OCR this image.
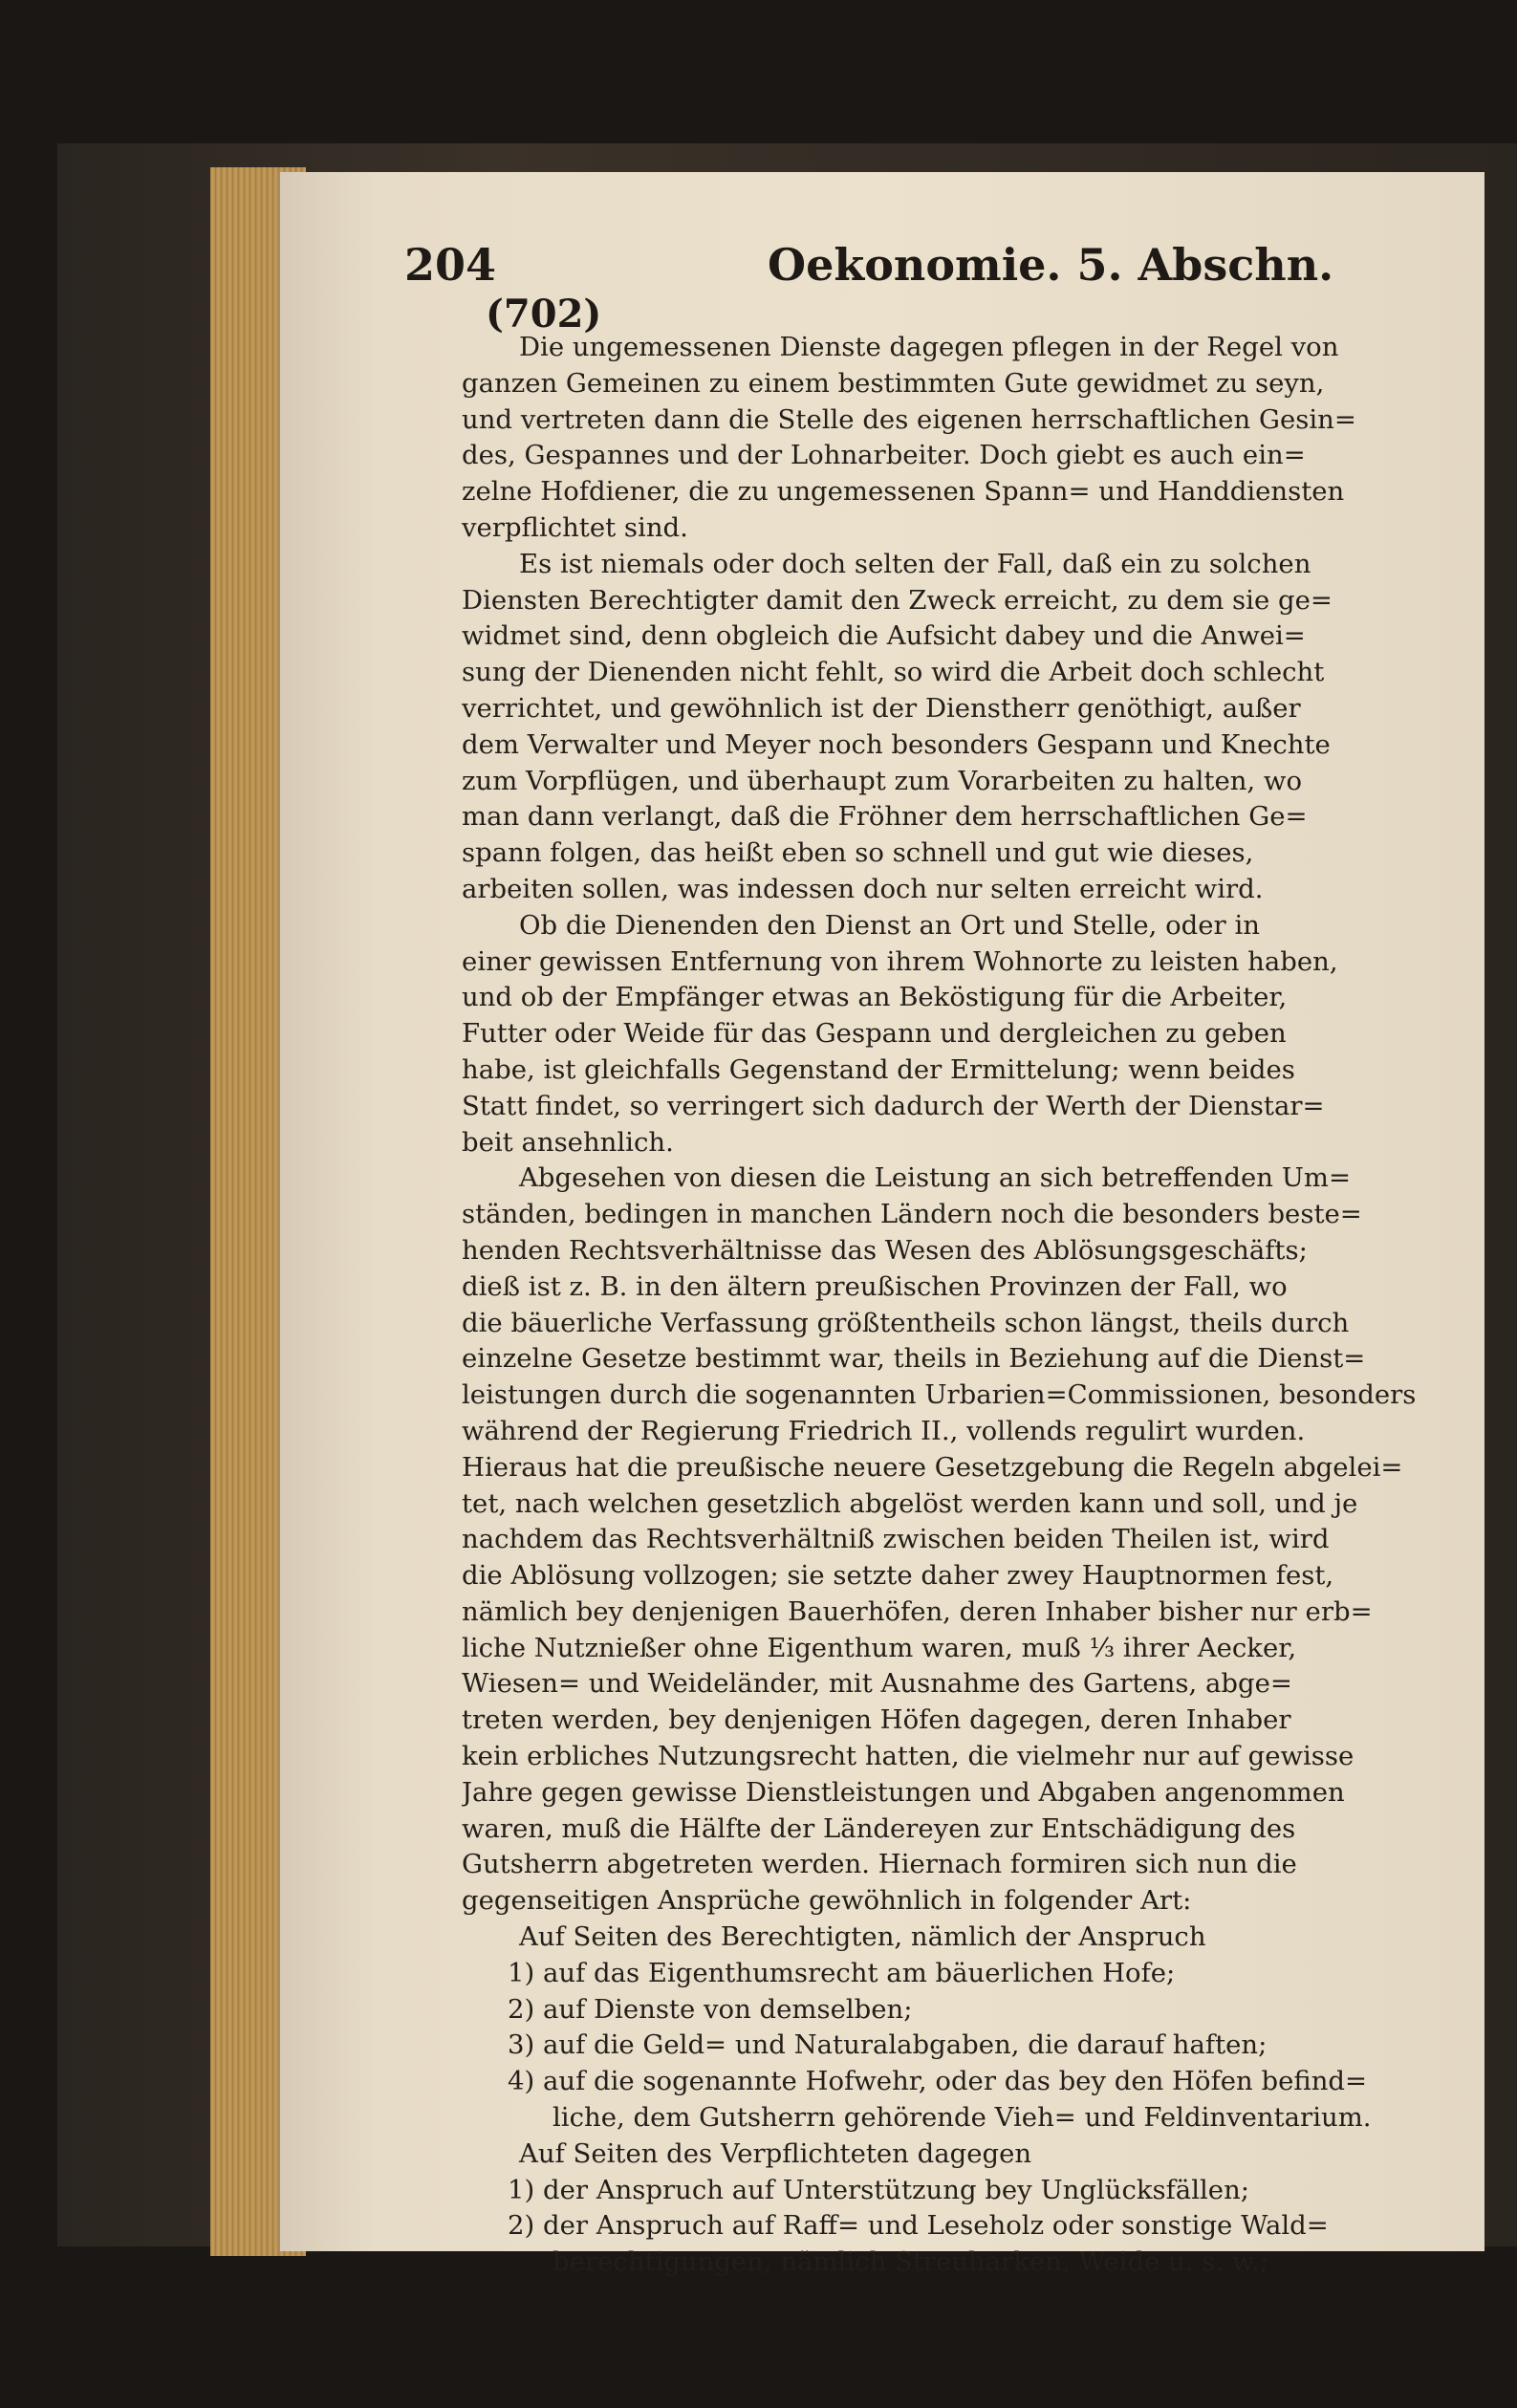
204	Oekonomie. 5. Abschn.
(702)
Die ungemessenen Dienste dagegen pflegen in der Regel von
ganzen Gemeinen zu einem bestimmten Gute gewidmet zu seyn,
und vertreten dann die Stelle des eigenen herrschaftlichen Gesin=
des, Gespannes und der Lohnarbeiter. Doch giebt es auch ein=
zelne Hofdiener, die zu ungemessenen Spann= und Handdiensten
verpflichtet sind.
Es ist niemals oder doch selten der Fall, daß ein zu solchen
Diensten Berechtigter damit den Zweck erreicht, zu dem sie ge=
widmet sind, denn obgleich die Aufsicht dabey und die Anwei=
sung der Dienenden nicht fehlt, so wird die Arbeit doch schlecht
verrichtet, und gewöhnlich ist der Dienstherr genöthigt, außer
dem Verwalter und Meyer noch besonders Gespann und Knechte
zum Vorpflügen, und überhaupt zum Vorarbeiten zu halten, wo
man dann verlangt, daß die Fröhner dem herrschaftlichen Ge=
spann folgen, das heißt eben so schnell und gut wie dieses,
arbeiten sollen, was indessen doch nur selten erreicht wird.
Ob die Dienenden den Dienst an Ort und Stelle, oder in
einer gewissen Entfernung von ihrem Wohnorte zu leisten haben,
und ob der Empfänger etwas an Beköstigung für die Arbeiter,
Futter oder Weide für das Gespann und dergleichen zu geben
habe, ist gleichfalls Gegenstand der Ermittelung; wenn beides
Statt findet, so verringert sich dadurch der Werth der Dienstar=
beit ansehnlich.
Abgesehen von diesen die Leistung an sich betreffenden Um=
ständen, bedingen in manchen Ländern noch die besonders beste=
henden Rechtsverhältnisse das Wesen des Ablösungsgeschäfts;
dieß ist z. B. in den ältern preußischen Provinzen der Fall, wo
die bäuerliche Verfassung größtentheils schon längst, theils durch
einzelne Gesetze bestimmt war, theils in Beziehung auf die Dienst=
leistungen durch die sogenannten Urbarien=Commissionen, besonders
während der Regierung Friedrich II., vollends regulirt wurden.
Hieraus hat die preußische neuere Gesetzgebung die Regeln abgelei=
tet, nach welchen gesetzlich abgelöst werden kann und soll, und je
nachdem das Rechtsverhältniß zwischen beiden Theilen ist, wird
die Ablösung vollzogen; sie setzte daher zwey Hauptnormen fest,
nämlich bey denjenigen Bauerhöfen, deren Inhaber bisher nur erb=
liche Nutznießer ohne Eigenthum waren, muß ⅓ ihrer Aecker,
Wiesen= und Weideländer, mit Ausnahme des Gartens, abge=
treten werden, bey denjenigen Höfen dagegen, deren Inhaber
kein erbliches Nutzungsrecht hatten, die vielmehr nur auf gewisse
Jahre gegen gewisse Dienstleistungen und Abgaben angenommen
waren, muß die Hälfte der Ländereyen zur Entschädigung des
Gutsherrn abgetreten werden. Hiernach formiren sich nun die
gegenseitigen Ansprüche gewöhnlich in folgender Art:
Auf Seiten des Berechtigten, nämlich der Anspruch
1) auf das Eigenthumsrecht am bäuerlichen Hofe;
2) auf Dienste von demselben;
3) auf die Geld= und Naturalabgaben, die darauf haften;
4) auf die sogenannte Hofwehr, oder das bey den Höfen befind=
liche, dem Gutsherrn gehörende Vieh= und Feldinventarium.
Auf Seiten des Verpflichteten dagegen
1) der Anspruch auf Unterstützung bey Unglücksfällen;
2) der Anspruch auf Raff= und Leseholz oder sonstige Wald=
berechtigungen, nämlich Streuharken, Weide u. s. w.;
